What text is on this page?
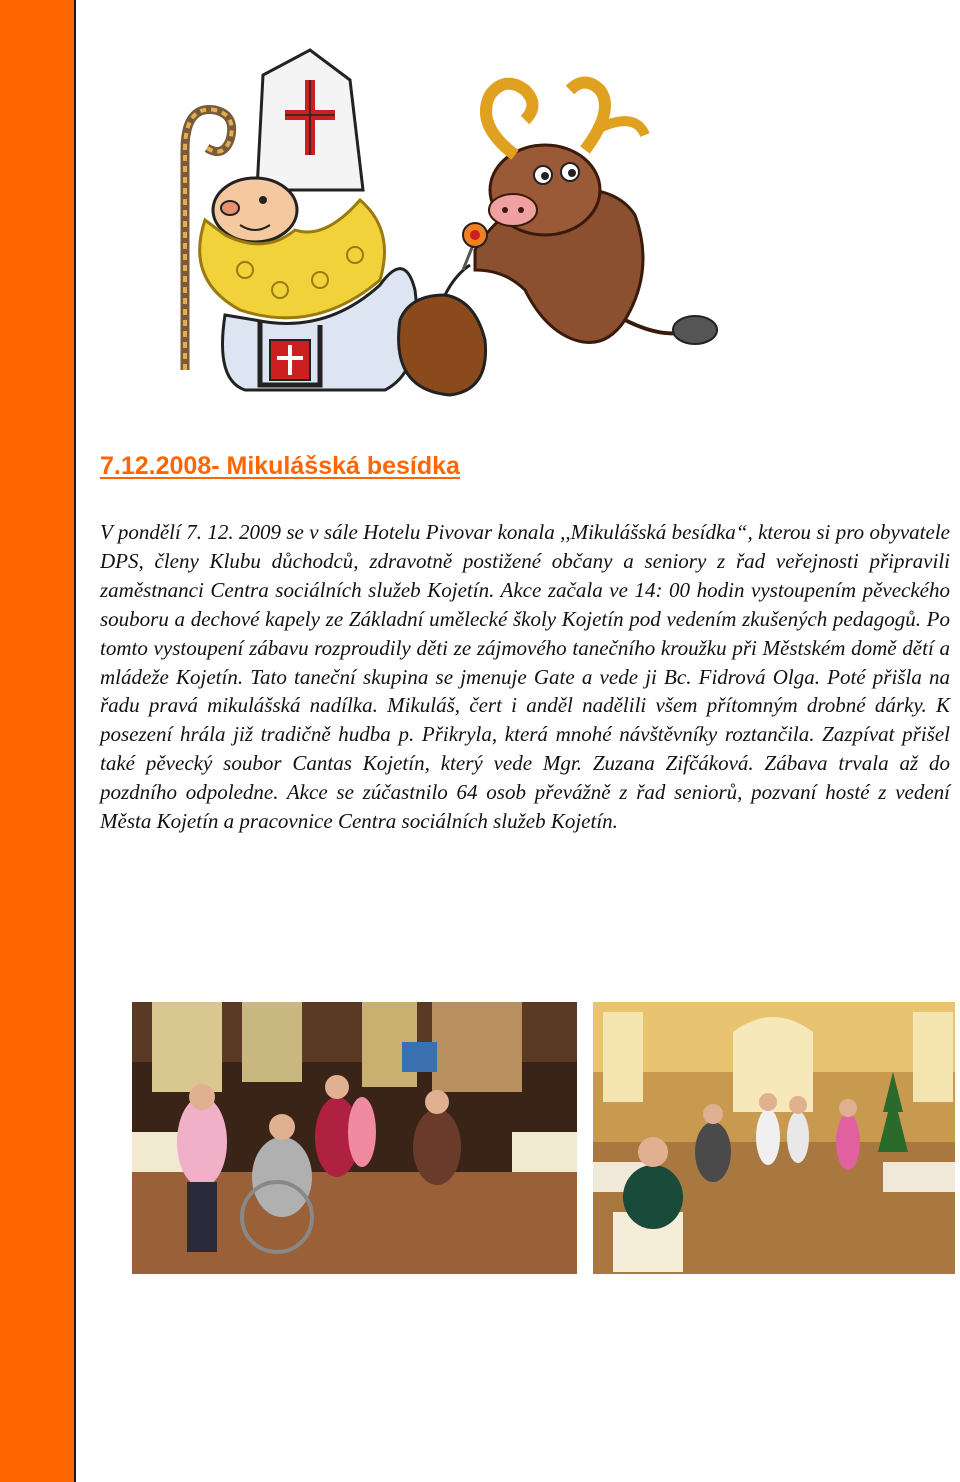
7.12.2008- Mikulášská besídka

V pondělí 7. 12. 2009 se v sále Hotelu Pivovar konala ,,Mikulášská besídka“, kterou si pro obyvatele DPS, členy Klubu důchodců, zdravotně postižené občany a seniory z řad veřejnosti připravili zaměstnanci Centra sociálních služeb Kojetín. Akce začala ve 14: 00 hodin vystoupením pěveckého souboru a dechové kapely ze Základní umělecké školy Kojetín pod vedením zkušených pedagogů. Po tomto vystoupení zábavu rozproudily děti ze zájmového tanečního kroužku při Městském domě dětí a mládeže Kojetín. Tato taneční skupina se jmenuje Gate a vede ji Bc. Fidrová Olga. Poté přišla na řadu pravá mikulášská nadílka. Mikuláš, čert i anděl nadělili všem přítomným drobné dárky. K posezení hrála již tradičně hudba p. Přikryla, která mnohé návštěvníky roztančila. Zazpívat přišel také pěvecký soubor Cantas Kojetín, který vede Mgr. Zuzana Zifčáková. Zábava trvala až do pozdního odpoledne. Akce se zúčastnilo 64 osob převážně z řad seniorů, pozvaní hosté z vedení Města Kojetín a pracovnice Centra sociálních služeb Kojetín.
